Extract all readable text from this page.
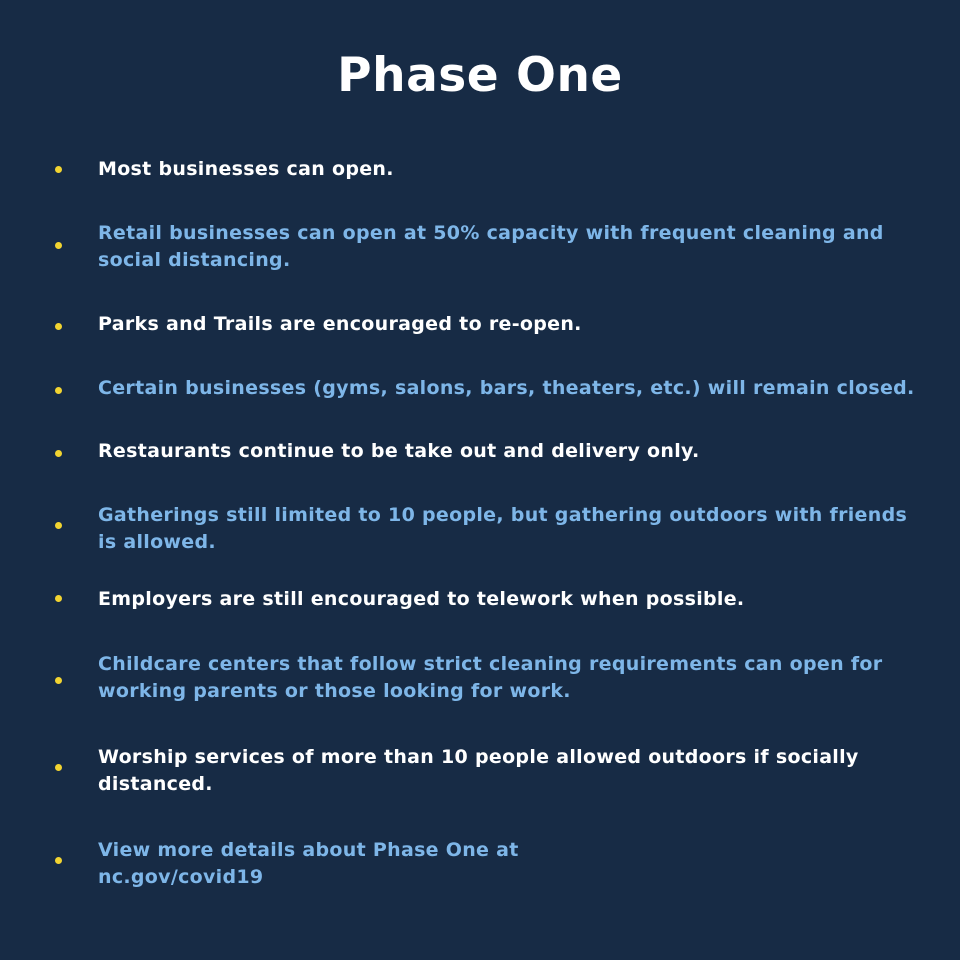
Phase One
Most businesses can open.
Retail businesses can open at 50% capacity with frequent cleaning and
social distancing.
Parks and Trails are encouraged to re-open.
Certain businesses (gyms, salons, bars, theaters, etc.) will remain closed.
Restaurants continue to be take out and delivery only.
Gatherings still limited to 10 people, but gathering outdoors with friends
is allowed.
Employers are still encouraged to telework when possible.
Childcare centers that follow strict cleaning requirements can open for
working parents or those looking for work.
Worship services of more than 10 people allowed outdoors if socially
distanced.
View more details about Phase One at
nc.gov/covid19
